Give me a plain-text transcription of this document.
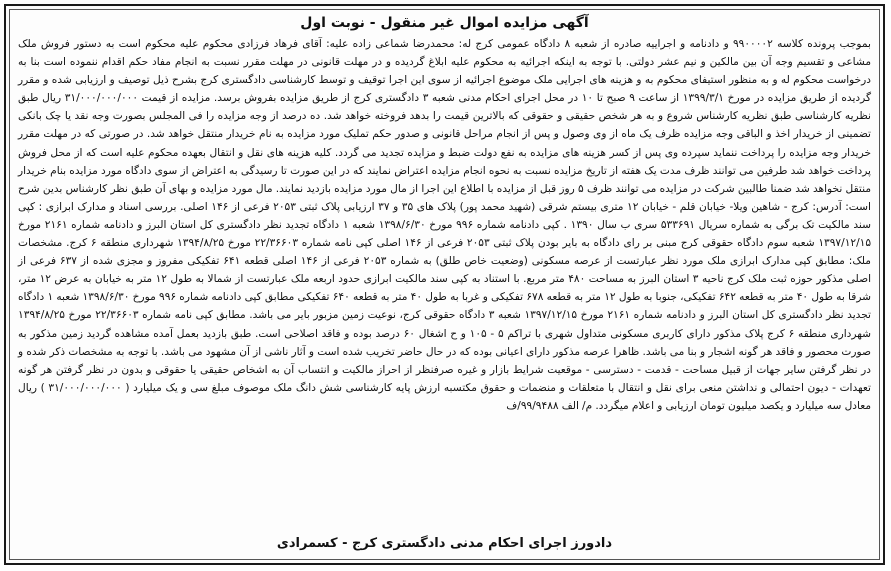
آگهی مزایده اموال غیر منقول - نوبت اول

بموجب پرونده کلاسه ۹۹۰۰۰۰۲ و دادنامه و اجراییه صادره از شعبه ۸ دادگاه عمومی کرج له: محمدرضا شماعی زاده علیه: آقای فرهاد فرزادی محکوم علیه محکوم است به دستور فروش ملک مشاعی و تقسیم وجه آن بین مالکین و نیم عشر دولتی. با توجه به اینکه اجرائیه به محکوم علیه ابلاغ گردیده و در مهلت قانونی در مهلت مقرر نسبت به انجام مفاد حکم اقدام ننموده است بنا به درخواست محکوم له و به منظور استیفای محکوم به و هزینه های اجرایی ملک موضوع اجرائیه از سوی این اجرا توقیف و توسط کارشناسی دادگستری کرج بشرح ذیل توصیف و ارزیابی شده و مقرر گردیده از طریق مزایده در مورخ ۱۳۹۹/۳/۱ از ساعت ۹ صبح تا ۱۰ در محل اجرای احکام مدنی شعبه ۳ دادگستری کرج از طریق مزایده بفروش برسد. مزایده از قیمت ۳۱/۰۰۰/۰۰۰/۰۰۰ ریال طبق نظریه کارشناسی طبق نظریه کارشناس شروع و به هر شخص حقیقی و حقوقی که بالاترین قیمت را بدهد فروخته خواهد شد. ده درصد از وجه مزایده را فی المجلس بصورت وجه نقد یا چک بانکی تضمینی از خریدار اخذ و الباقی وجه مزایده ظرف یک ماه از وی وصول و پس از انجام مراحل قانونی و صدور حکم تملیک مورد مزایده به نام خریدار منتقل خواهد شد. در صورتی که در مهلت مقرر خریدار وجه مزایده را پرداخت ننماید سپرده وی پس از کسر هزینه های مزایده به نفع دولت ضبط و مزایده تجدید می گردد. کلیه هزینه های نقل و انتقال بعهده محکوم علیه است که از محل فروش پرداخت خواهد شد طرفین می توانند ظرف مدت یک هفته از تاریخ مزایده نسبت به نحوه انجام مزایده اعتراض نمایند که در این صورت تا رسیدگی به اعتراض از سوی دادگاه مورد مزایده بنام خریدار منتقل نخواهد شد ضمنا طالبین شرکت در مزایده می توانند ظرف ۵ روز قبل از مزایده با اطلاع این اجرا از مال مورد مزایده بازدید نمایند. مال مورد مزایده و بهای آن طبق نظر کارشناس بدین شرح است: آدرس: کرج - شاهین ویلا- خیابان قلم - خیابان ۱۲ متری بیستم شرقی (شهید محمد پور) پلاک های ۳۵ و ۳۷ ارزیابی پلاک ثبتی ۲۰۵۳ فرعی از ۱۴۶ اصلی. بررسی اسناد و مدارک ابرازی : کپی سند مالکیت تک برگی به شماره سریال ۵۳۳۶۹۱ سری ب سال ۱۳۹۰ . کپی دادنامه شماره ۹۹۶ مورخ ۱۳۹۸/۶/۳۰ شعبه ۱ دادگاه تجدید نظر دادگستری کل استان البرز و دادنامه شماره ۲۱۶۱ مورخ ۱۳۹۷/۱۲/۱۵ شعبه سوم دادگاه حقوقی کرج مبنی بر رای دادگاه به بایر بودن پلاک ثبتی ۲۰۵۳ فرعی از ۱۴۶ اصلی کپی نامه شماره ۲۲/۳۶۶۰۳ مورخ ۱۳۹۴/۸/۲۵ شهرداری منطقه ۶ کرج. مشخصات ملک: مطابق کپی مدارک ابرازی ملک مورد نظر عبارتست از عرصه مسکونی (وضعیت خاص طلق) به شماره ۲۰۵۳ فرعی از ۱۴۶ اصلی قطعه ۶۴۱ تفکیکی مفروز و مجزی شده از ۶۳۷ فرعی از اصلی مذکور حوزه ثبت ملک کرج ناحیه ۳ استان البرز به مساحت ۴۸۰ متر مربع. با استناد به کپی سند مالکیت ابرازی حدود اربعه ملک عبارتست از شمالا به طول ۱۲ متر به خیابان به عرض ۱۲ متر، شرقا به طول ۴۰ متر به قطعه ۶۴۲ تفکیکی، جنوبا به طول ۱۲ متر به قطعه ۶۷۸ تفکیکی و غربا به طول ۴۰ متر به قطعه ۶۴۰ تفکیکی مطابق کپی دادنامه شماره ۹۹۶ مورخ ۱۳۹۸/۶/۳۰ شعبه ۱ دادگاه تجدید نظر دادگستری کل استان البرز و دادنامه شماره ۲۱۶۱ مورخ ۱۳۹۷/۱۲/۱۵ شعبه ۳ دادگاه حقوقی کرج، نوعیت زمین مزبور بایر می باشد. مطابق کپی نامه شماره ۲۲/۳۶۶۰۳ مورخ ۱۳۹۴/۸/۲۵ شهرداری منطقه ۶ کرج پلاک مذکور دارای کاربری مسکونی متداول شهری با تراکم ۵ - ۱۰۵ و ح اشغال ۶۰ درصد بوده و فاقد اصلاحی است. طبق بازدید بعمل آمده مشاهده گردید زمین مذکور به صورت محصور و فاقد هر گونه اشجار و بنا می باشد. ظاهرا عرصه مذکور دارای اعیانی بوده که در حال حاضر تخریب شده است و آثار ناشی از آن مشهود می باشد. با توجه به مشخصات ذکر شده و در نظر گرفتن سایر جهات از قبیل مساحت - قدمت - دسترسی - موقعیت شرایط بازار و غیره صرفنظر از احراز مالکیت و انتساب آن به اشخاص حقیقی یا حقوقی و بدون در نظر گرفتن هر گونه تعهدات - دیون احتمالی و نداشتن منعی برای نقل و انتقال با متعلقات و منضمات و حقوق مکتسبه ارزش پایه کارشناسی شش دانگ ملک موصوف مبلغ سی و یک میلیارد ( ۳۱/۰۰۰/۰۰۰/۰۰۰ ) ریال معادل سه میلیارد و یکصد میلیون تومان ارزیابی و اعلام میگردد. م/ الف ۹۹/۹۴۸۸/ف

دادورز اجرای احکام مدنی دادگستری کرج - کسمرادی
